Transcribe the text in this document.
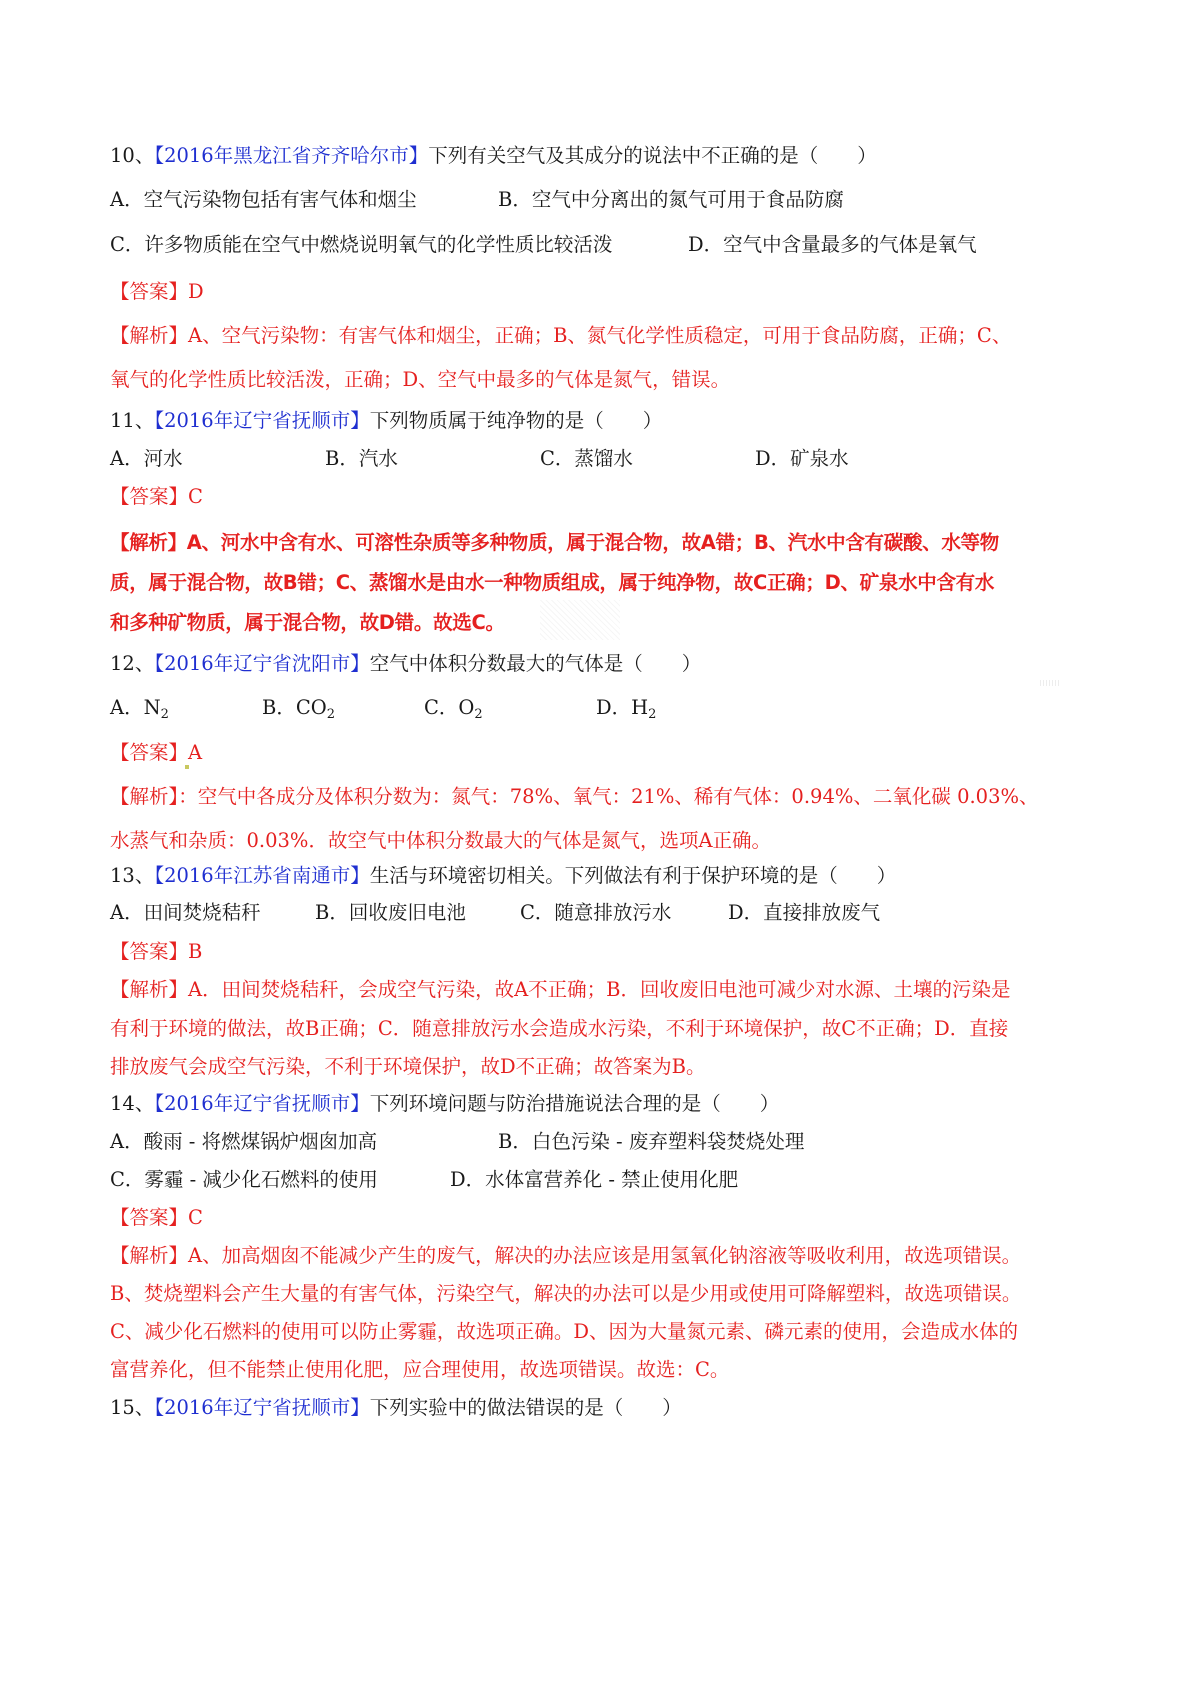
10、【2016年黑龙江省齐齐哈尔市】下列有关空气及其成分的说法中不正确的是（　　）
A．空气污染物包括有害气体和烟尘	B．空气中分离出的氮气可用于食品防腐
C．许多物质能在空气中燃烧说明氧气的化学性质比较活泼	D．空气中含量最多的气体是氧气
【答案】D
【解析】A、空气污染物：有害气体和烟尘，正确；B、氮气化学性质稳定，可用于食品防腐，正确；C、
氧气的化学性质比较活泼，正确；D、空气中最多的气体是氮气，错误。
11、【2016年辽宁省抚顺市】下列物质属于纯净物的是（　　）
A．河水	B．汽水	C．蒸馏水	D．矿泉水
【答案】C
【解析】A、河水中含有水、可溶性杂质等多种物质，属于混合物，故A错；B、汽水中含有碳酸、水等物
质，属于混合物，故B错；C、蒸馏水是由水一种物质组成，属于纯净物，故C正确；D、矿泉水中含有水
和多种矿物质，属于混合物，故D错。故选C。
12、【2016年辽宁省沈阳市】空气中体积分数最大的气体是（　　）
A．$N_2$	B．$CO_2$	C．$O_2$	D．$H_2$
【答案】A
【解析】：空气中各成分及体积分数为：氮气：78%、氧气：21%、稀有气体：0.94%、二氧化碳 0.03%、
水蒸气和杂质：0.03%．故空气中体积分数最大的气体是氮气，选项A正确。
13、【2016年江苏省南通市】生活与环境密切相关。下列做法有利于保护环境的是（　　）
A．田间焚烧秸秆	B．回收废旧电池	C．随意排放污水	D．直接排放废气
【答案】B
【解析】A．田间焚烧秸秆，会成空气污染，故A不正确；B．回收废旧电池可减少对水源、土壤的污染是
有利于环境的做法，故B正确；C．随意排放污水会造成水污染，不利于环境保护，故C不正确；D．直接
排放废气会成空气污染，不利于环境保护，故D不正确；故答案为B。
14、【2016年辽宁省抚顺市】下列环境问题与防治措施说法合理的是（　　）
A．酸雨 - 将燃煤锅炉烟囱加高	B．白色污染 - 废弃塑料袋焚烧处理
C．雾霾 - 减少化石燃料的使用	D．水体富营养化 - 禁止使用化肥
【答案】C
【解析】A、加高烟囱不能减少产生的废气，解决的办法应该是用氢氧化钠溶液等吸收利用，故选项错误。
B、焚烧塑料会产生大量的有害气体，污染空气，解决的办法可以是少用或使用可降解塑料，故选项错误。
C、减少化石燃料的使用可以防止雾霾，故选项正确。D、因为大量氮元素、磷元素的使用，会造成水体的
富营养化，但不能禁止使用化肥，应合理使用，故选项错误。故选：C。
15、【2016年辽宁省抚顺市】下列实验中的做法错误的是（　　）
